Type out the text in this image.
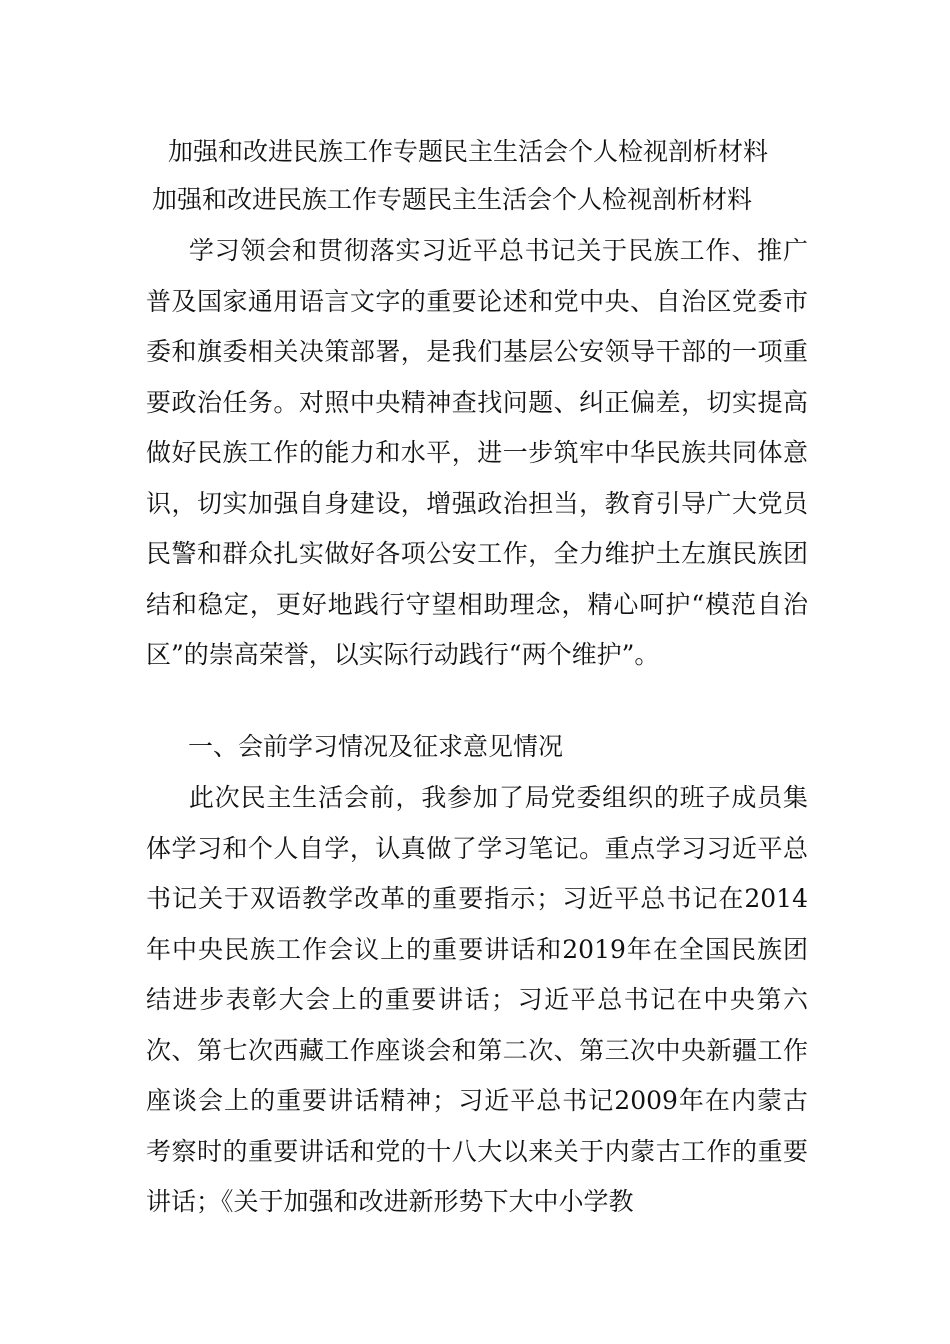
加强和改进民族工作专题民主生活会个人检视剖析材料
加强和改进民族工作专题民主生活会个人检视剖析材料

学习领会和贯彻落实习近平总书记关于民族工作、推广普及国家通用语言文字的重要论述和党中央、自治区党委市委和旗委相关决策部署，是我们基层公安领导干部的一项重要政治任务。对照中央精神查找问题、纠正偏差，切实提高做好民族工作的能力和水平，进一步筑牢中华民族共同体意识，切实加强自身建设，增强政治担当，教育引导广大党员民警和群众扎实做好各项公安工作，全力维护土左旗民族团结和稳定，更好地践行守望相助理念，精心呵护“模范自治区”的崇高荣誉，以实际行动践行“两个维护”。

一、会前学习情况及征求意见情况

此次民主生活会前，我参加了局党委组织的班子成员集体学习和个人自学，认真做了学习笔记。重点学习习近平总书记关于双语教学改革的重要指示；习近平总书记在2014年中央民族工作会议上的重要讲话和2019年在全国民族团结进步表彰大会上的重要讲话；习近平总书记在中央第六次、第七次西藏工作座谈会和第二次、第三次中央新疆工作座谈会上的重要讲话精神；习近平总书记2009年在内蒙古考察时的重要讲话和党的十八大以来关于内蒙古工作的重要讲话；《关于加强和改进新形势下大中小学教
